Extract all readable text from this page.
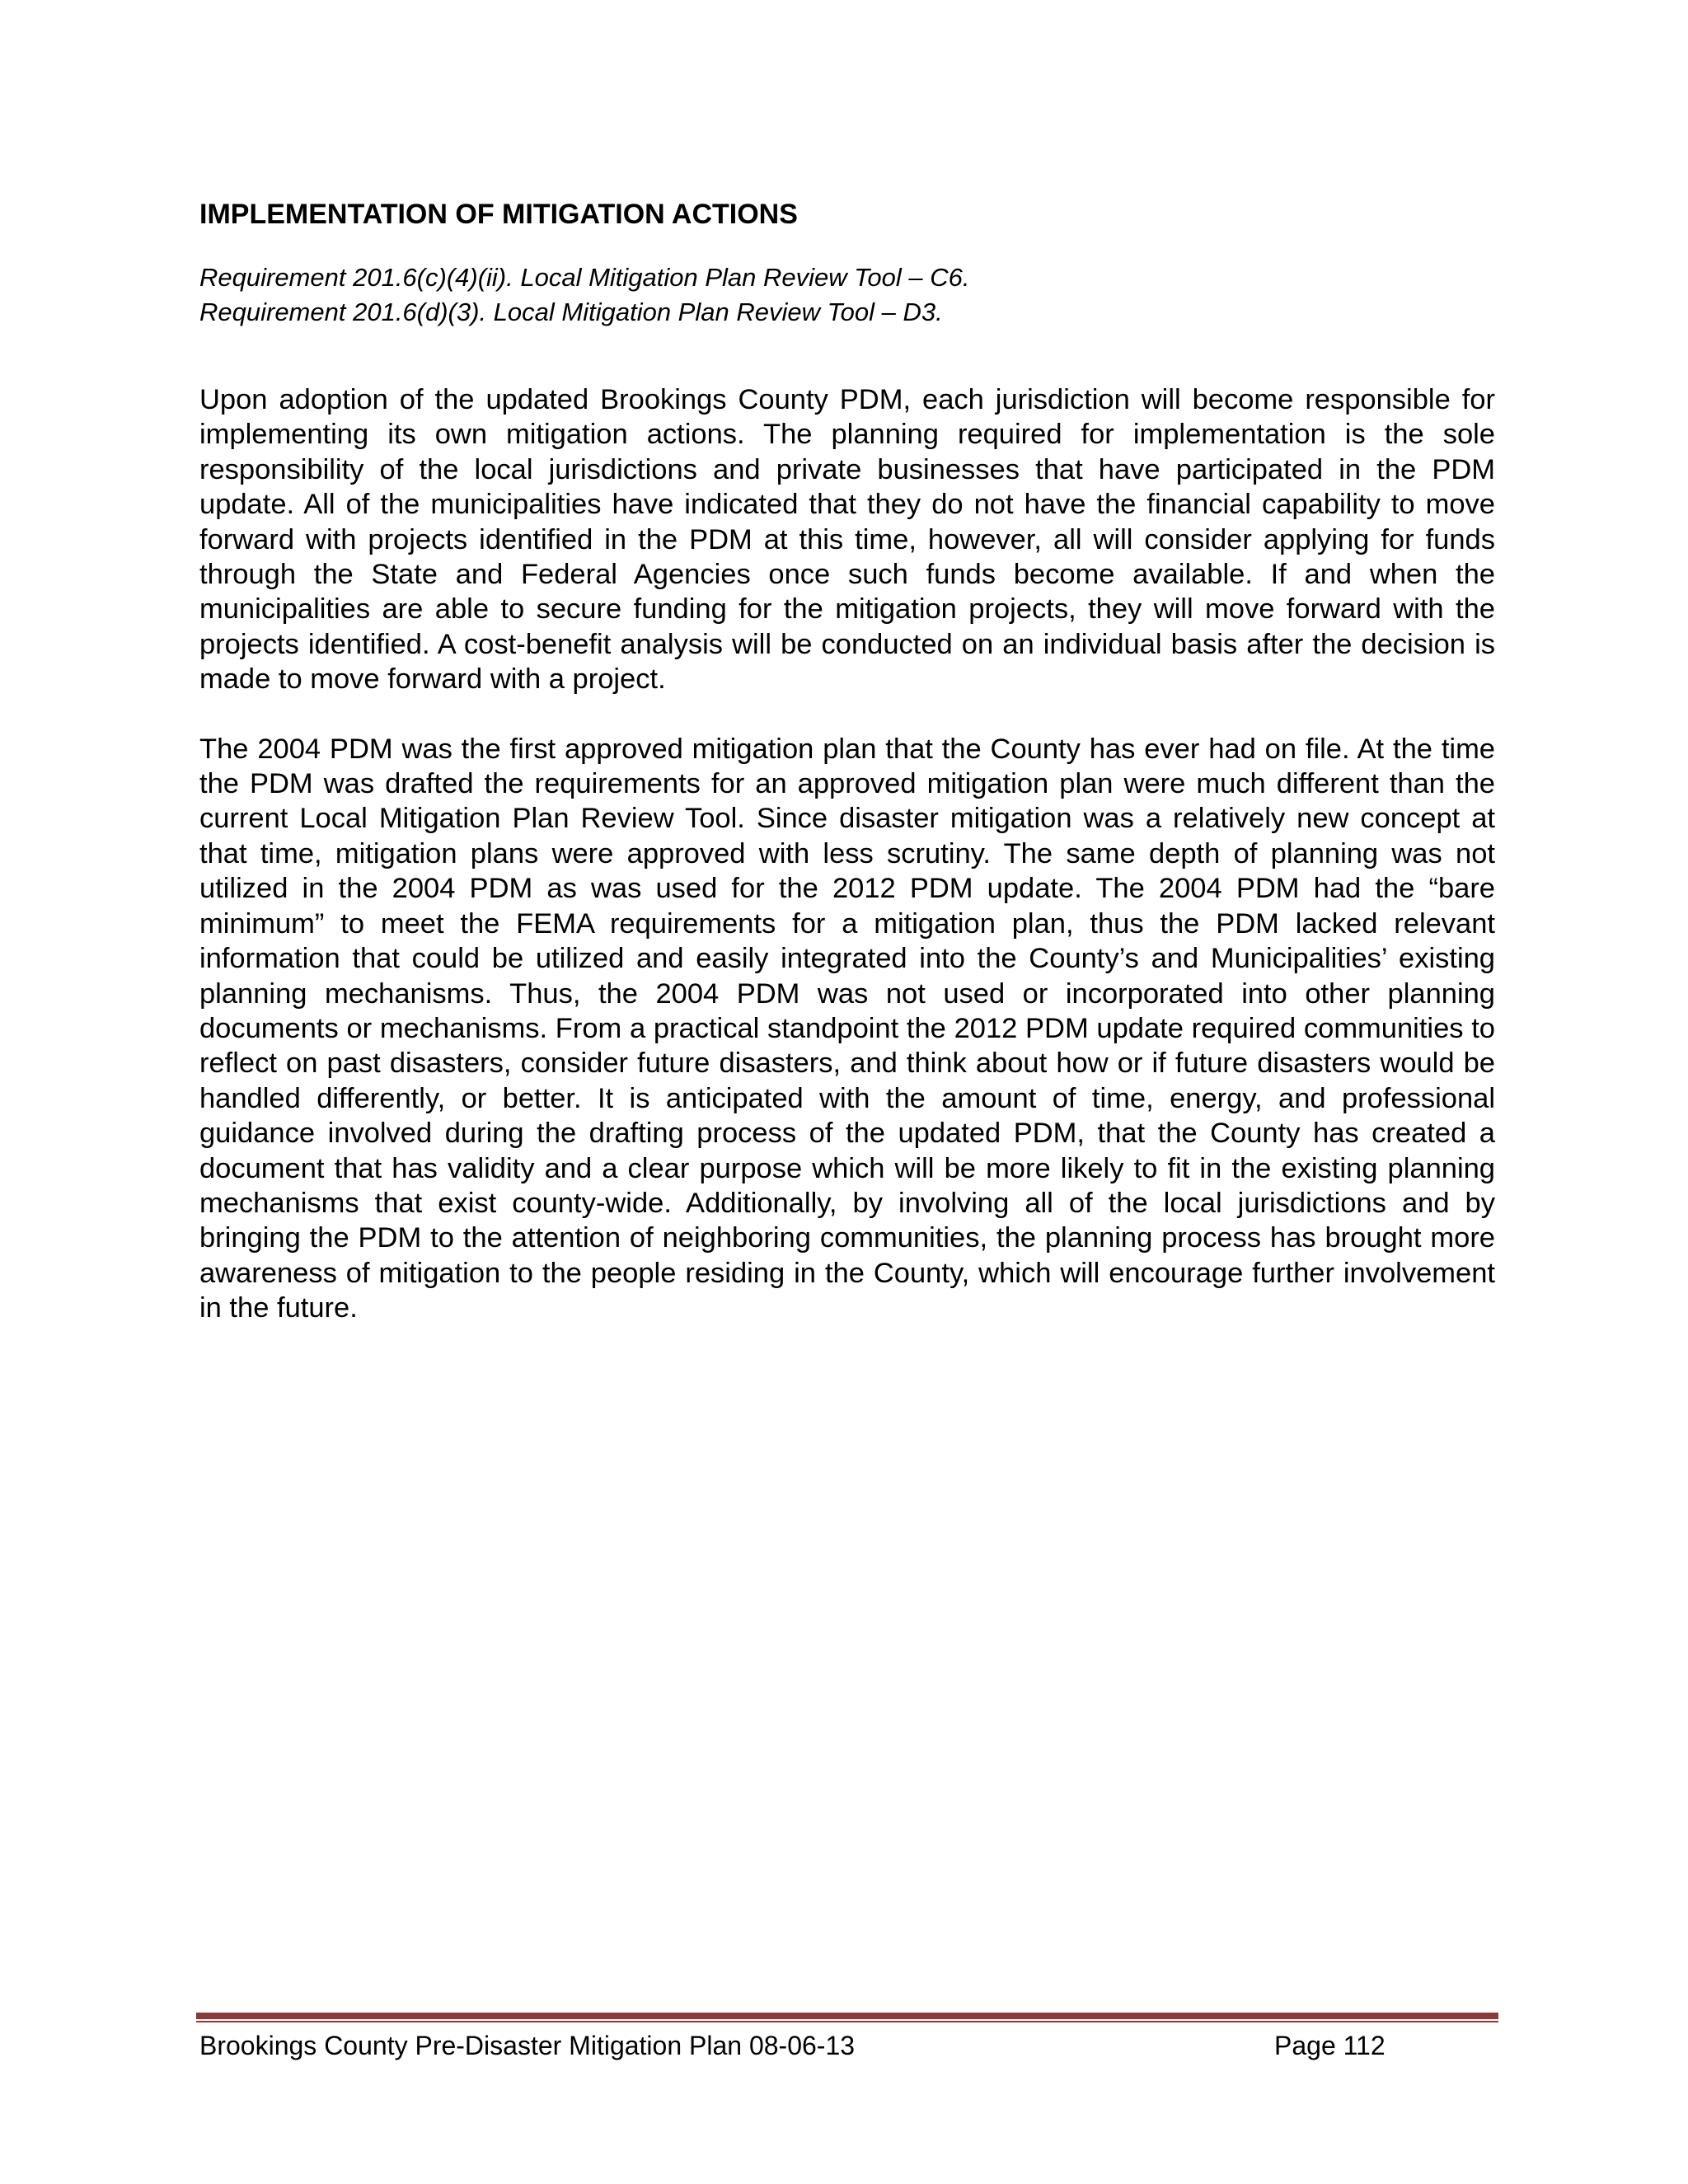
IMPLEMENTATION OF MITIGATION ACTIONS

Requirement 201.6(c)(4)(ii). Local Mitigation Plan Review Tool – C6.

Requirement 201.6(d)(3). Local Mitigation Plan Review Tool – D3.

Upon adoption of the updated Brookings County PDM, each jurisdiction will become responsible for implementing its own mitigation actions. The planning required for implementation is the sole responsibility of the local jurisdictions and private businesses that have participated in the PDM update. All of the municipalities have indicated that they do not have the financial capability to move forward with projects identified in the PDM at this time, however, all will consider applying for funds through the State and Federal Agencies once such funds become available. If and when the municipalities are able to secure funding for the mitigation projects, they will move forward with the projects identified. A cost-benefit analysis will be conducted on an individual basis after the decision is made to move forward with a project.

The 2004 PDM was the first approved mitigation plan that the County has ever had on file. At the time the PDM was drafted the requirements for an approved mitigation plan were much different than the current Local Mitigation Plan Review Tool. Since disaster mitigation was a relatively new concept at that time, mitigation plans were approved with less scrutiny. The same depth of planning was not utilized in the 2004 PDM as was used for the 2012 PDM update. The 2004 PDM had the “bare minimum” to meet the FEMA requirements for a mitigation plan, thus the PDM lacked relevant information that could be utilized and easily integrated into the County’s and Municipalities’ existing planning mechanisms. Thus, the 2004 PDM was not used or incorporated into other planning documents or mechanisms. From a practical standpoint the 2012 PDM update required communities to reflect on past disasters, consider future disasters, and think about how or if future disasters would be handled differently, or better. It is anticipated with the amount of time, energy, and professional guidance involved during the drafting process of the updated PDM, that the County has created a document that has validity and a clear purpose which will be more likely to fit in the existing planning mechanisms that exist county-wide. Additionally, by involving all of the local jurisdictions and by bringing the PDM to the attention of neighboring communities, the planning process has brought more awareness of mitigation to the people residing in the County, which will encourage further involvement in the future.

Brookings County Pre-Disaster Mitigation Plan 08-06-13	Page 112
